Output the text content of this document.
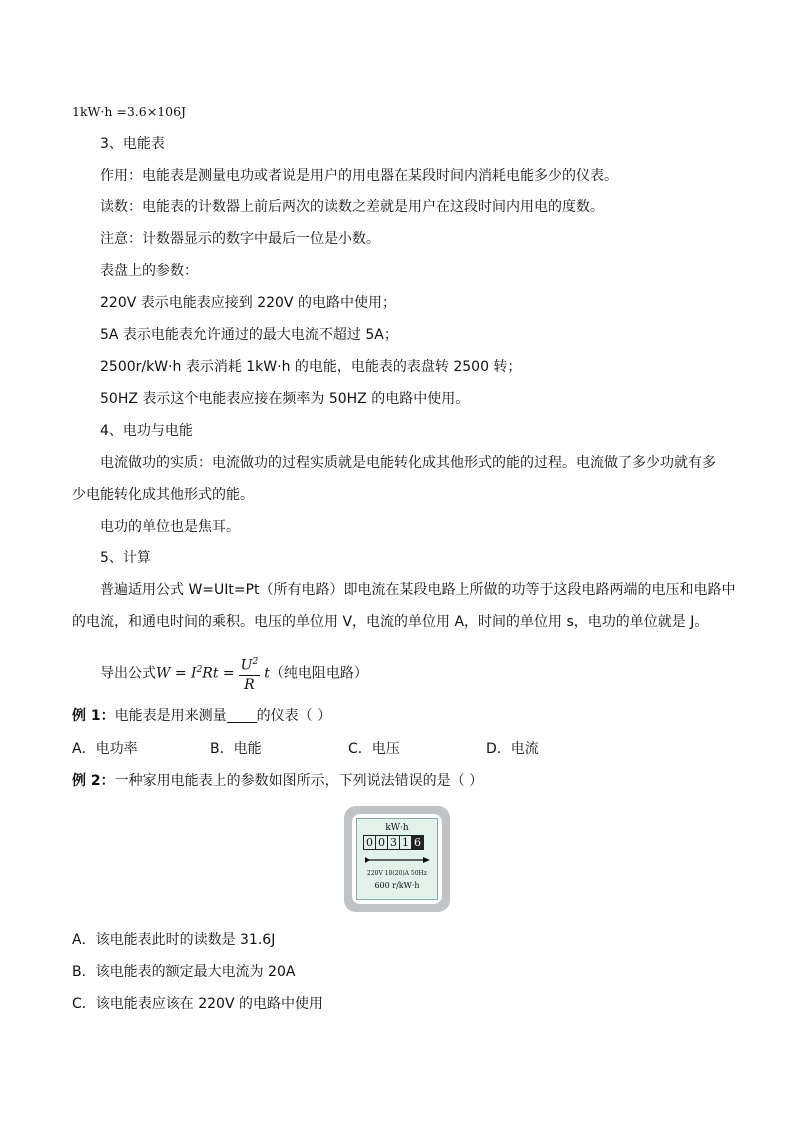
1kW·h =3.6×106J
3、电能表
作用：电能表是测量电功或者说是用户的用电器在某段时间内消耗电能多少的仪表。
读数：电能表的计数器上前后两次的读数之差就是用户在这段时间内用电的度数。
注意：计数器显示的数字中最后一位是小数。
表盘上的参数：
220V 表示电能表应接到 220V 的电路中使用；
5A 表示电能表允许通过的最大电流不超过 5A；
2500r/kW·h 表示消耗 1kW·h 的电能，电能表的表盘转 2500 转；
50HZ 表示这个电能表应接在频率为 50HZ 的电路中使用。
4、电功与电能
电流做功的实质：电流做功的过程实质就是电能转化成其他形式的能的过程。电流做了多少功就有多
少电能转化成其他形式的能。
电功的单位也是焦耳。
5、计算
普遍适用公式 W=UIt=Pt（所有电路）即电流在某段电路上所做的功等于这段电路两端的电压和电路中
的电流，和通电时间的乘积。电压的单位用 V，电流的单位用 A，时间的单位用 s，电功的单位就是 J。
导出公式$W = I^2Rt = \frac{U^2}{R} t$（纯电阻电路）
例 1：电能表是用来测量 的仪表（ ）
A．电功率	B．电能	C．电压	D．电流
例 2：一种家用电能表上的参数如图所示，下列说法错误的是（ ）
kW·h
0 0 3 1 6
220V 10(20)A 50Hz
600 r/kW·h
A．该电能表此时的读数是 31.6J
B．该电能表的额定最大电流为 20A
C．该电能表应该在 220V 的电路中使用
